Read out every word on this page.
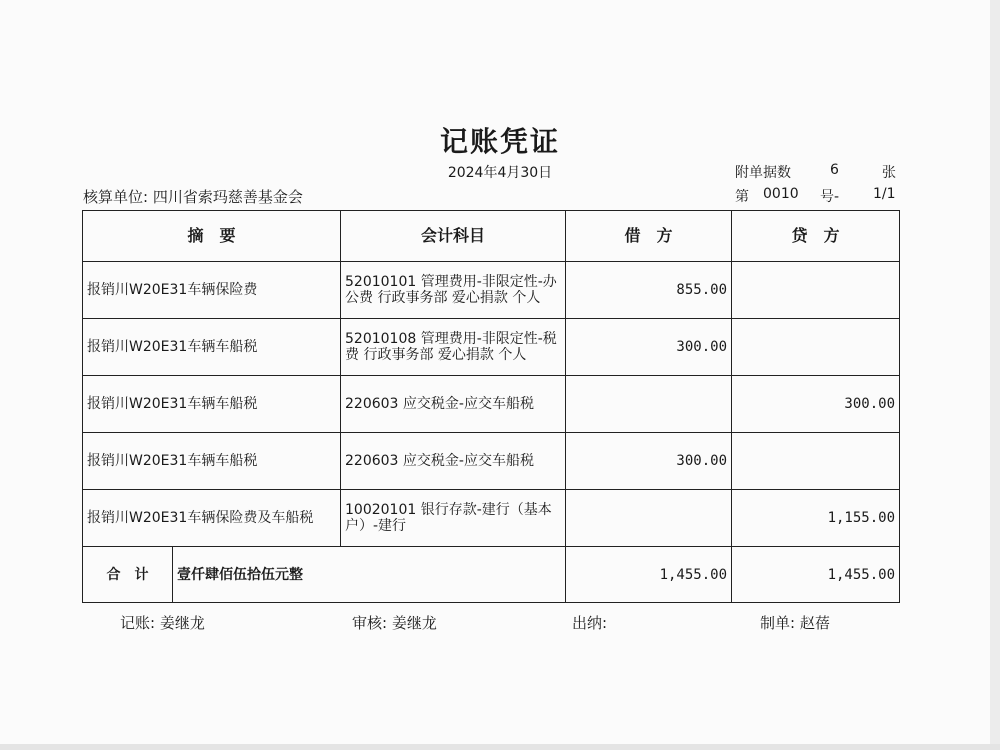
记账凭证
2024年4月30日	附单据数	6	张
核算单位: 四川省索玛慈善基金会	第 0010 号- 1/1
摘　要		会计科目	借　方	贷　方
报销川W20E31车辆保险费		52010101 管理费用-非限定性-办公费 行政事务部 爱心捐款 个人	855.00	
报销川W20E31车辆车船税		52010108 管理费用-非限定性-税费 行政事务部 爱心捐款 个人	300.00	
报销川W20E31车辆车船税		220603 应交税金-应交车船税		300.00
报销川W20E31车辆车船税		220603 应交税金-应交车船税	300.00	
报销川W20E31车辆保险费及车船税		10020101 银行存款-建行（基本户）-建行		1,155.00
合　计	壹仟肆佰伍拾伍元整		1,455.00	1,455.00
记账: 姜继龙	审核: 姜继龙	出纳:	制单: 赵蓓
